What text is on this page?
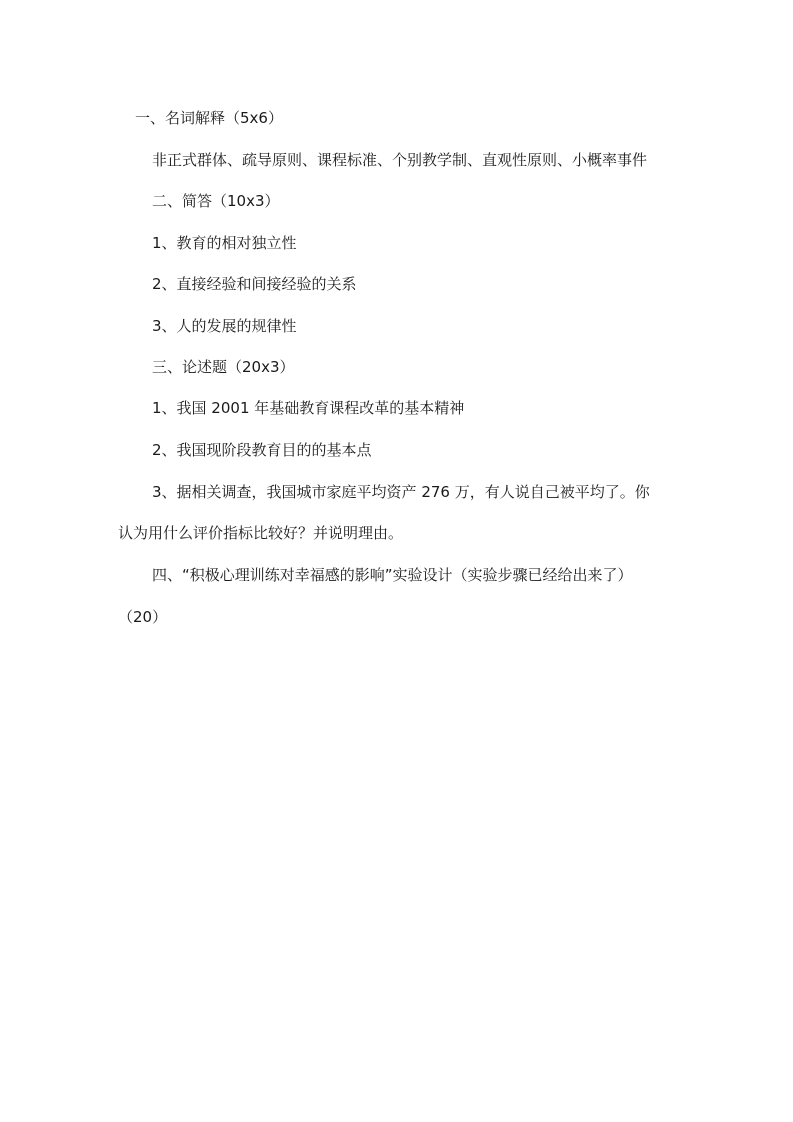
一、名词解释（5x6）
非正式群体、疏导原则、课程标准、个别教学制、直观性原则、小概率事件
二、简答（10x3）
1、教育的相对独立性
2、直接经验和间接经验的关系
3、人的发展的规律性
三、论述题（20x3）
1、我国 2001 年基础教育课程改革的基本精神
2、我国现阶段教育目的的基本点
3、据相关调查，我国城市家庭平均资产 276 万，有人说自己被平均了。你
认为用什么评价指标比较好？并说明理由。
四、“积极心理训练对幸福感的影响”实验设计（实验步骤已经给出来了）
（20）
